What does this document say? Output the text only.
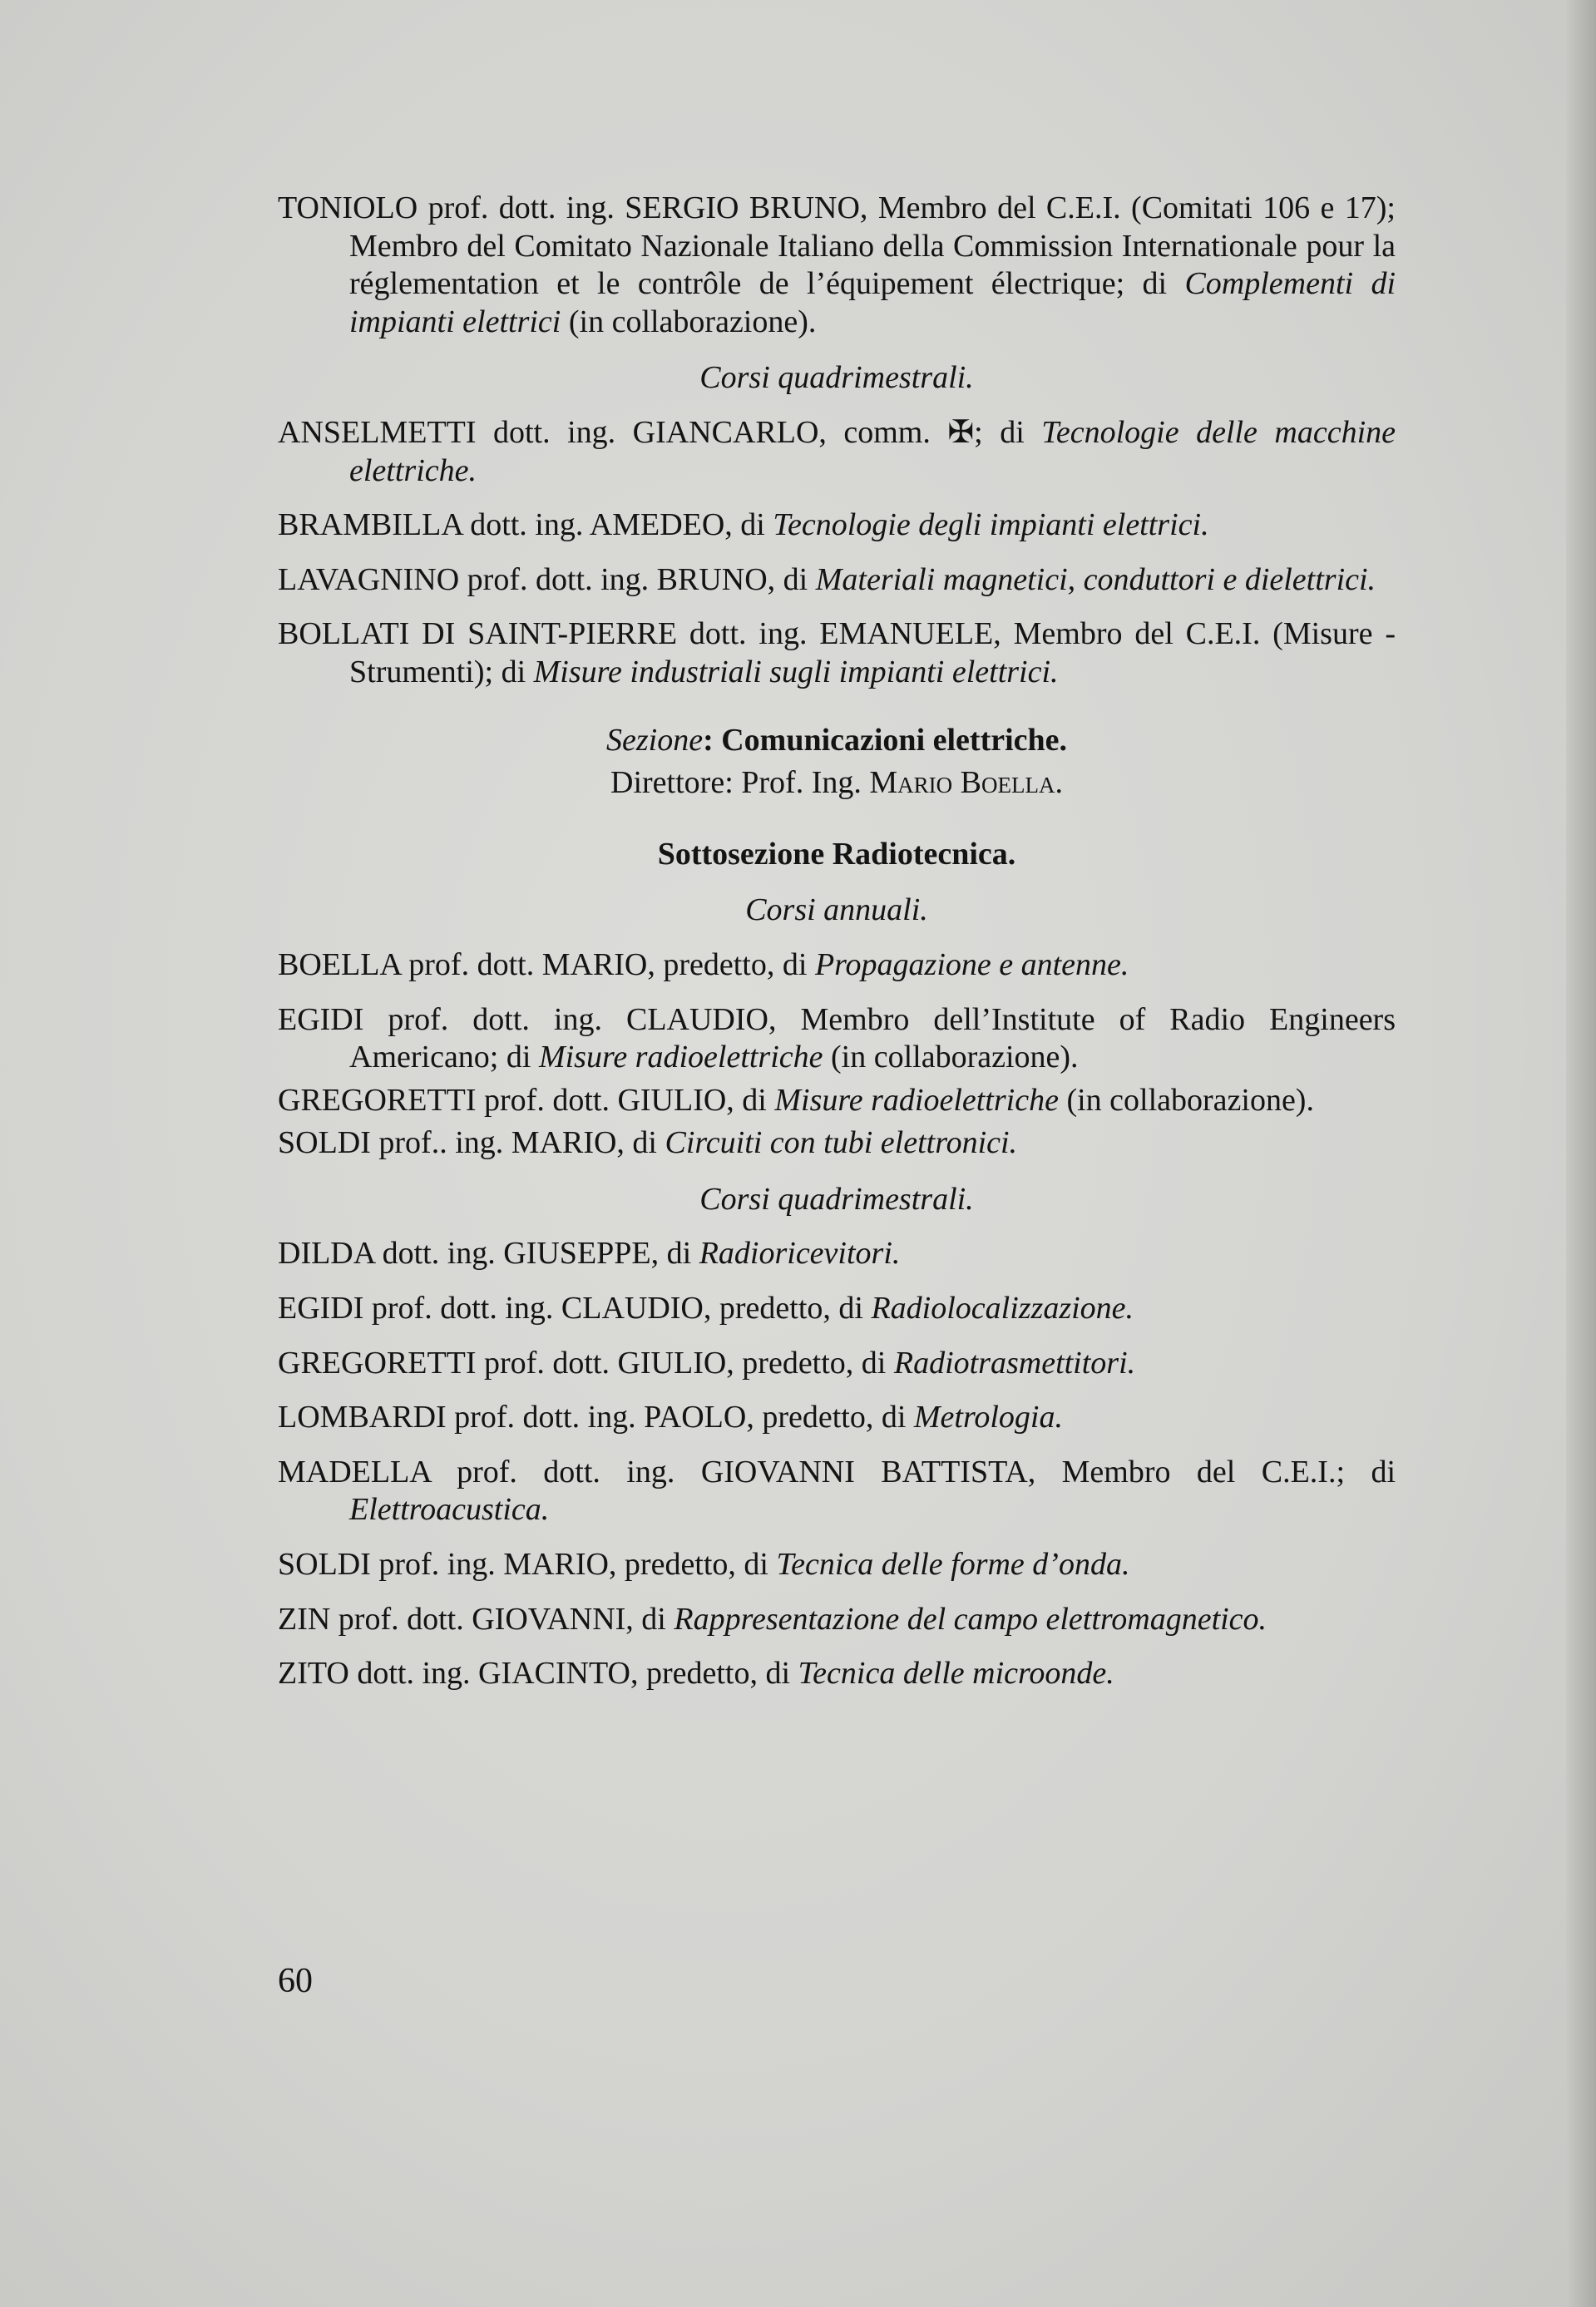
TONIOLO prof. dott. ing. SERGIO BRUNO, Membro del C.E.I. (Comitati 106 e 17); Membro del Comitato Nazionale Italiano della Commission Internationale pour la réglementation et le contrôle de l’équipement électrique; di Complementi di impianti elettrici (in collaborazione).

Corsi quadrimestrali.

ANSELMETTI dott. ing. GIANCARLO, comm. ✠; di Tecnologie delle macchine elettriche.

BRAMBILLA dott. ing. AMEDEO, di Tecnologie degli impianti elettrici.

LAVAGNINO prof. dott. ing. BRUNO, di Materiali magnetici, conduttori e dielettrici.

BOLLATI DI SAINT-PIERRE dott. ing. EMANUELE, Membro del C.E.I. (Misure - Strumenti); di Misure industriali sugli impianti elettrici.

Sezione: Comunicazioni elettriche.
Direttore: Prof. Ing. Mario Boella.
Sottosezione Radiotecnica.
Corsi annuali.

BOELLA prof. dott. MARIO, predetto, di Propagazione e antenne.

EGIDI prof. dott. ing. CLAUDIO, Membro dell’Institute of Radio Engineers Americano; di Misure radioelettriche (in collaborazione).

GREGORETTI prof. dott. GIULIO, di Misure radioelettriche (in collaborazione).

SOLDI prof.. ing. MARIO, di Circuiti con tubi elettronici.

Corsi quadrimestrali.

DILDA dott. ing. GIUSEPPE, di Radioricevitori.

EGIDI prof. dott. ing. CLAUDIO, predetto, di Radiolocalizzazione.

GREGORETTI prof. dott. GIULIO, predetto, di Radiotrasmettitori.

LOMBARDI prof. dott. ing. PAOLO, predetto, di Metrologia.

MADELLA prof. dott. ing. GIOVANNI BATTISTA, Membro del C.E.I.; di Elettroacustica.

SOLDI prof. ing. MARIO, predetto, di Tecnica delle forme d’onda.

ZIN prof. dott. GIOVANNI, di Rappresentazione del campo elettromagnetico.

ZITO dott. ing. GIACINTO, predetto, di Tecnica delle microonde.

60
